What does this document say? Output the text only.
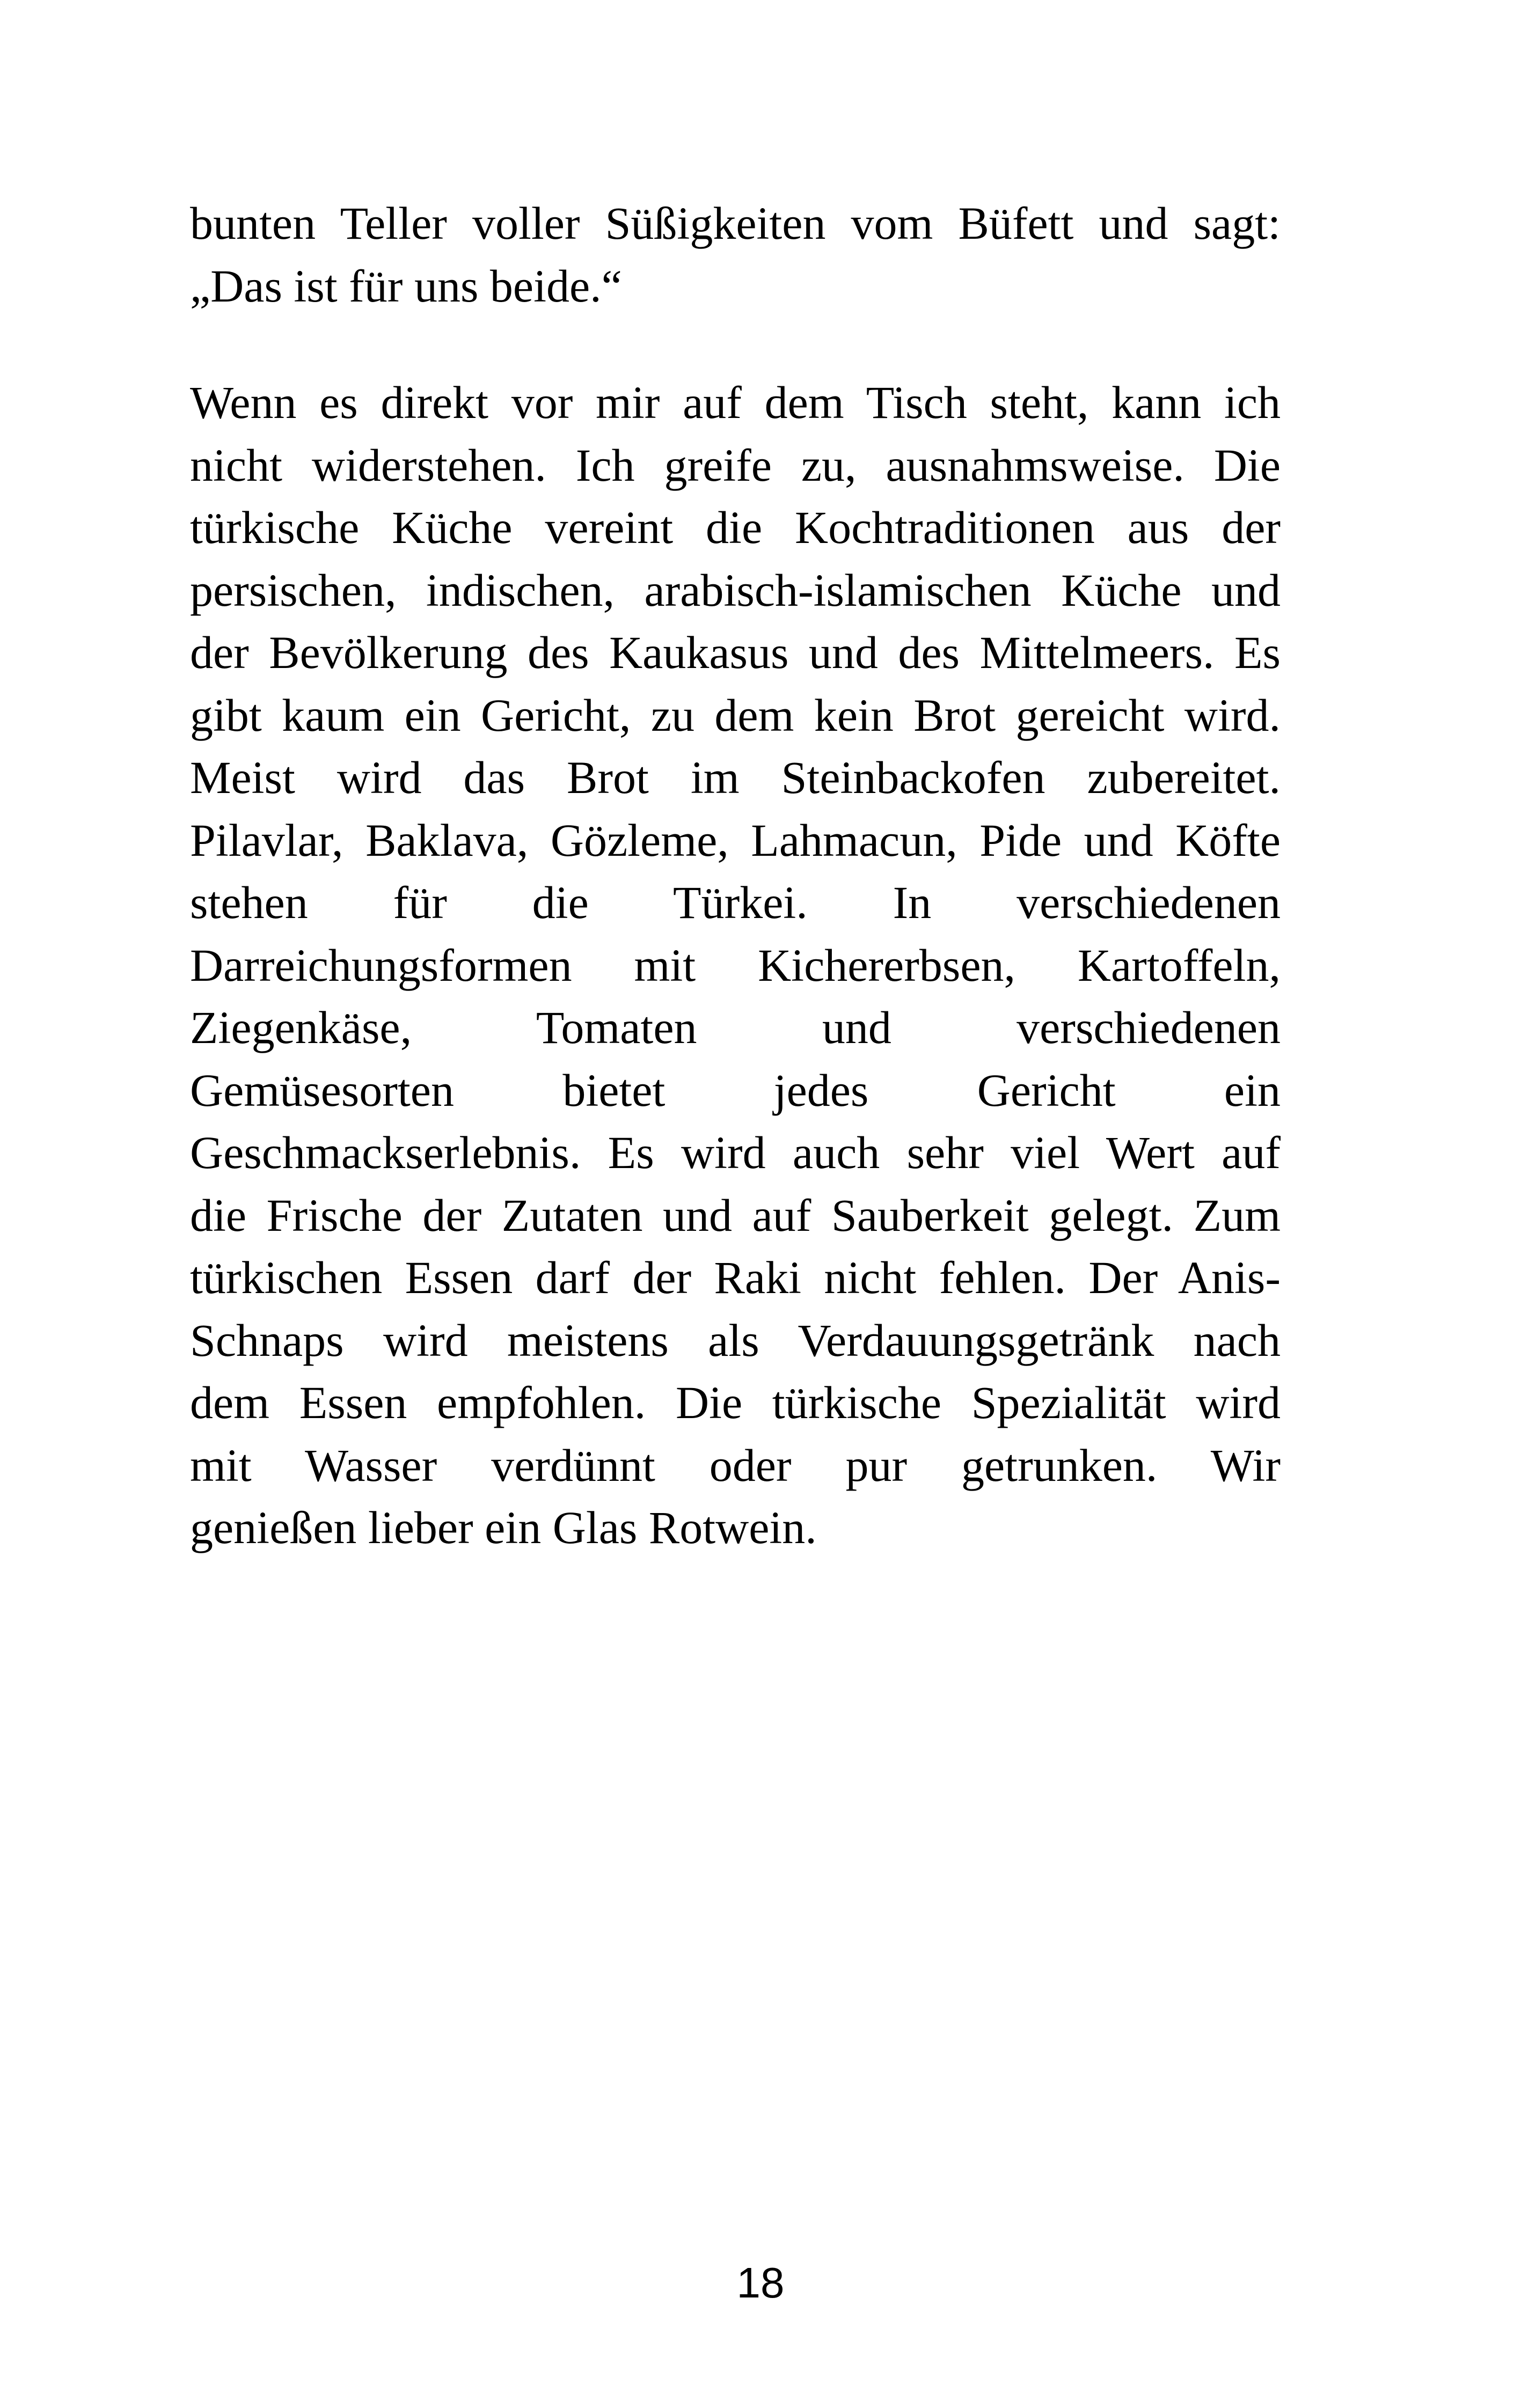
bunten Teller voller Süßigkeiten vom Büfett und sagt:
„Das ist für uns beide.“

Wenn es direkt vor mir auf dem Tisch steht, kann ich
nicht widerstehen. Ich greife zu, ausnahmsweise. Die
türkische Küche vereint die Kochtraditionen aus der
persischen, indischen, arabisch-islamischen Küche und
der Bevölkerung des Kaukasus und des Mittelmeers. Es
gibt kaum ein Gericht, zu dem kein Brot gereicht wird.
Meist wird das Brot im Steinbackofen zubereitet.
Pilavlar, Baklava, Gözleme, Lahmacun, Pide und Köfte
stehen für die Türkei. In verschiedenen
Darreichungsformen mit Kichererbsen, Kartoffeln,
Ziegenkäse, Tomaten und verschiedenen
Gemüsesorten bietet jedes Gericht ein
Geschmackserlebnis. Es wird auch sehr viel Wert auf
die Frische der Zutaten und auf Sauberkeit gelegt. Zum
türkischen Essen darf der Raki nicht fehlen. Der Anis-
Schnaps wird meistens als Verdauungsgetränk nach
dem Essen empfohlen. Die türkische Spezialität wird
mit Wasser verdünnt oder pur getrunken. Wir
genießen lieber ein Glas Rotwein.

18
